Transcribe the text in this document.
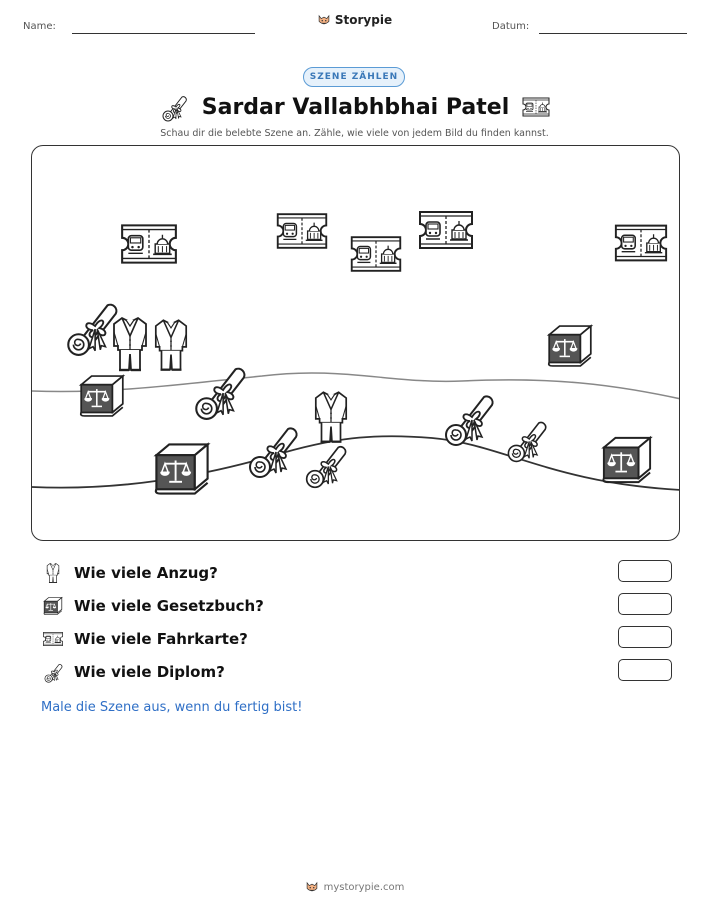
Name:	Datum:
Storypie
SZENE ZÄHLEN
Sardar Vallabhbhai Patel
Schau dir die belebte Szene an. Zähle, wie viele von jedem Bild du finden kannst.
Wie viele Anzug?
Wie viele Gesetzbuch?
Wie viele Fahrkarte?
Wie viele Diplom?
Male die Szene aus, wenn du fertig bist!
mystorypie.com
